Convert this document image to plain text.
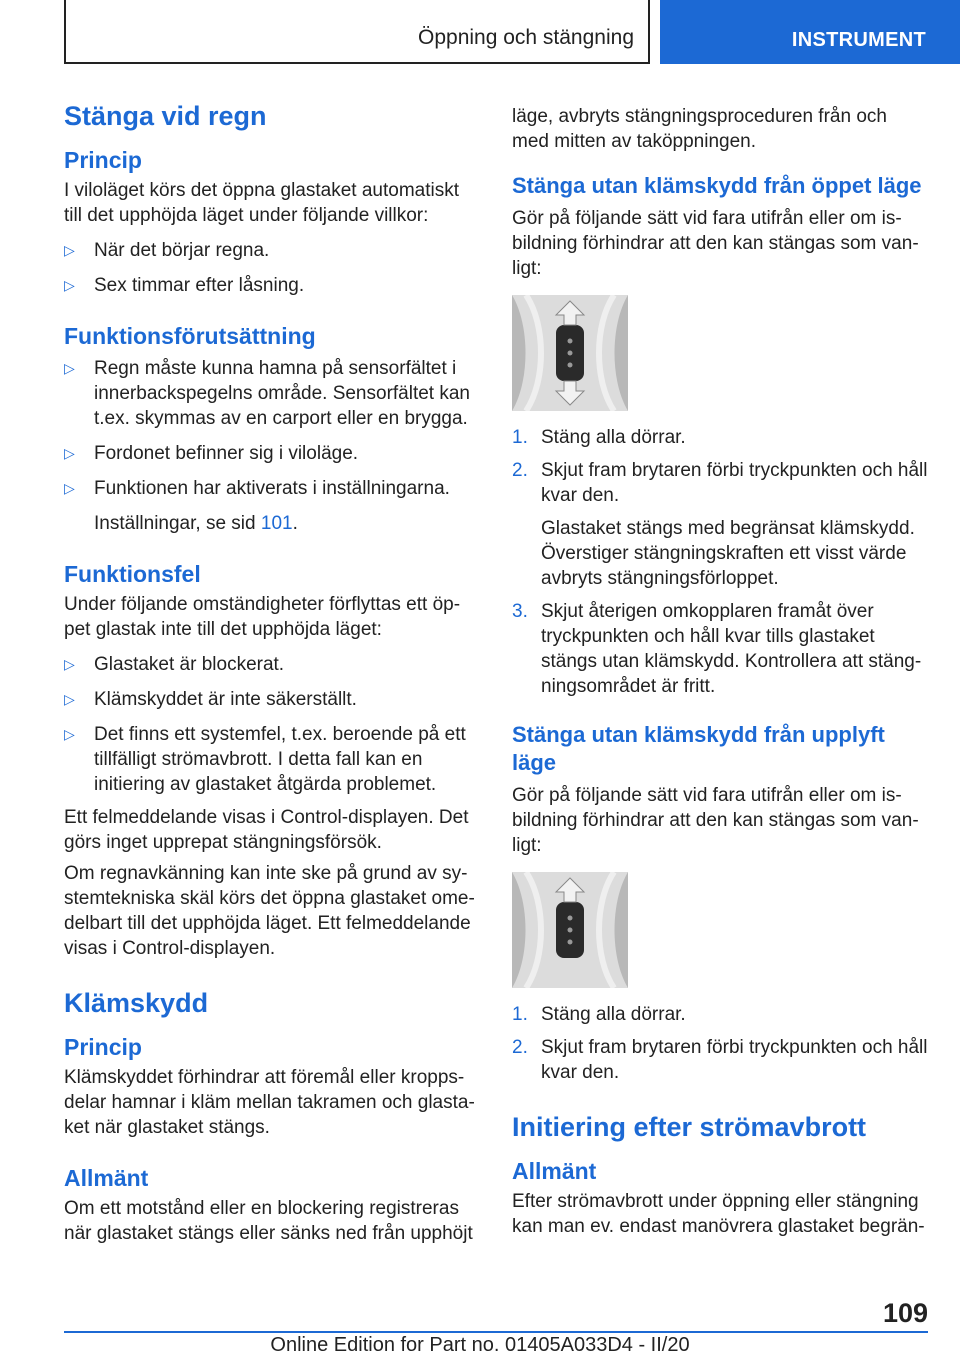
Öppning och stängning	INSTRUMENT
Stänga vid regn
Princip
I viloläget körs det öppna glastaket automatiskt till det upphöjda läget under följande villkor:
▷ När det börjar regna.
▷ Sex timmar efter låsning.
Funktionsförutsättning
▷ Regn måste kunna hamna på sensorfältet i innerbackspegelns område. Sensorfältet kan t.ex. skymmas av en carport eller en brygga.
▷ Fordonet befinner sig i viloläge.
▷ Funktionen har aktiverats i inställningarna.
Inställningar, se sid 101.
Funktionsfel
Under följande omständigheter förflyttas ett öppet glastak inte till det upphöjda läget:
▷ Glastaket är blockerat.
▷ Klämskyddet är inte säkerställt.
▷ Det finns ett systemfel, t.ex. beroende på ett tillfälligt strömavbrott. I detta fall kan en initiering av glastaket åtgärda problemet.
Ett felmeddelande visas i Control-displayen. Det görs inget upprepat stängningsförsök.
Om regnavkänning kan inte ske på grund av systemtekniska skäl körs det öppna glastaket omedelbart till det upphöjda läget. Ett felmeddelande visas i Control-displayen.
Klämskydd
Princip
Klämskyddet förhindrar att föremål eller kroppsdelar hamnar i kläm mellan takramen och glastaket när glastaket stängs.
Allmänt
Om ett motstånd eller en blockering registreras när glastaket stängs eller sänks ned från upphöjt
läge, avbryts stängningsproceduren från och med mitten av taköppningen.
Stänga utan klämskydd från öppet läge
Gör på följande sätt vid fara utifrån eller om isbildning förhindrar att den kan stängas som vanligt:
1. Stäng alla dörrar.
2. Skjut fram brytaren förbi tryckpunkten och håll kvar den.
Glastaket stängs med begränsat klämskydd. Överstiger stängningskraften ett visst värde avbryts stängningsförloppet.
3. Skjut återigen omkopplaren framåt över tryckpunkten och håll kvar tills glastaket stängs utan klämskydd. Kontrollera att stängningsområdet är fritt.
Stänga utan klämskydd från upplyft läge
Gör på följande sätt vid fara utifrån eller om isbildning förhindrar att den kan stängas som vanligt:
1. Stäng alla dörrar.
2. Skjut fram brytaren förbi tryckpunkten och håll kvar den.
Initiering efter strömavbrott
Allmänt
Efter strömavbrott under öppning eller stängning kan man ev. endast manövrera glastaket begrän-
109
Online Edition for Part no. 01405A033D4 - II/20
